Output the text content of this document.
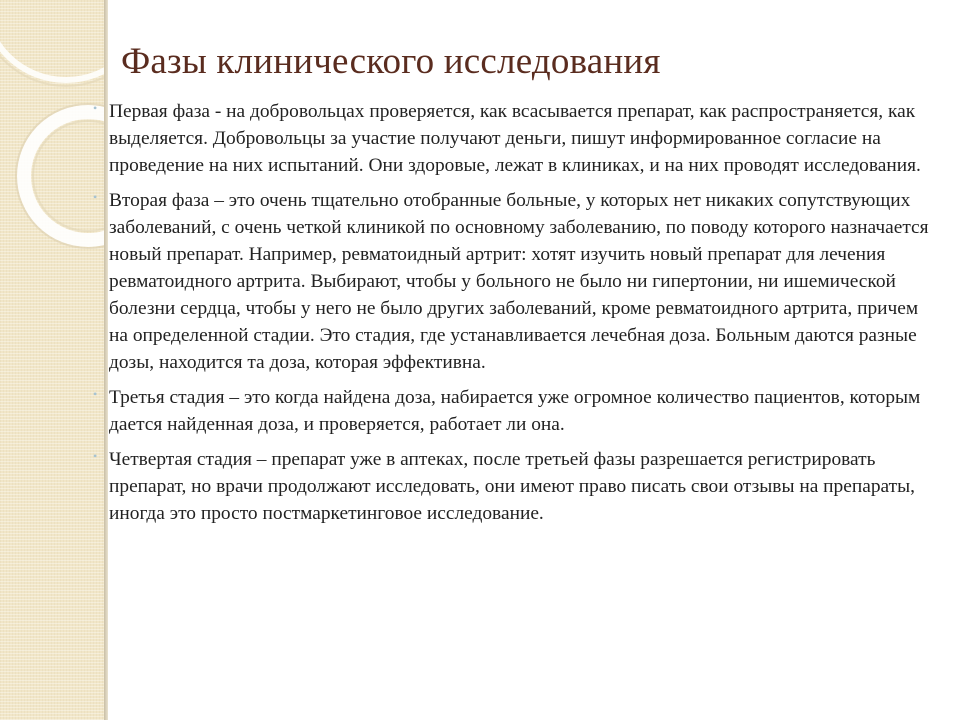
Фазы клинического исследования
• Первая фаза - на добровольцах проверяется, как всасывается препарат, как распространяется, как выделяется. Добровольцы за участие получают деньги, пишут информированное согласие на проведение на них испытаний. Они здоровые, лежат в клиниках, и на них проводят исследования.
• Вторая фаза – это очень тщательно отобранные больные, у которых нет никаких сопутствующих заболеваний, с очень четкой клиникой по основному заболеванию, по поводу которого назначается новый препарат. Например, ревматоидный артрит: хотят изучить новый препарат для лечения ревматоидного артрита. Выбирают, чтобы у больного не было ни гипертонии, ни ишемической болезни сердца, чтобы у него не было других заболеваний, кроме ревматоидного артрита, причем на определенной стадии. Это стадия, где устанавливается лечебная доза. Больным даются разные дозы, находится та доза, которая эффективна.
• Третья стадия – это когда найдена доза, набирается уже огромное количество пациентов, которым дается найденная доза, и проверяется, работает ли она.
• Четвертая стадия – препарат уже в аптеках, после третьей фазы разрешается регистрировать препарат, но врачи продолжают исследовать, они имеют право писать свои отзывы на препараты, иногда это просто постмаркетинговое исследование.
